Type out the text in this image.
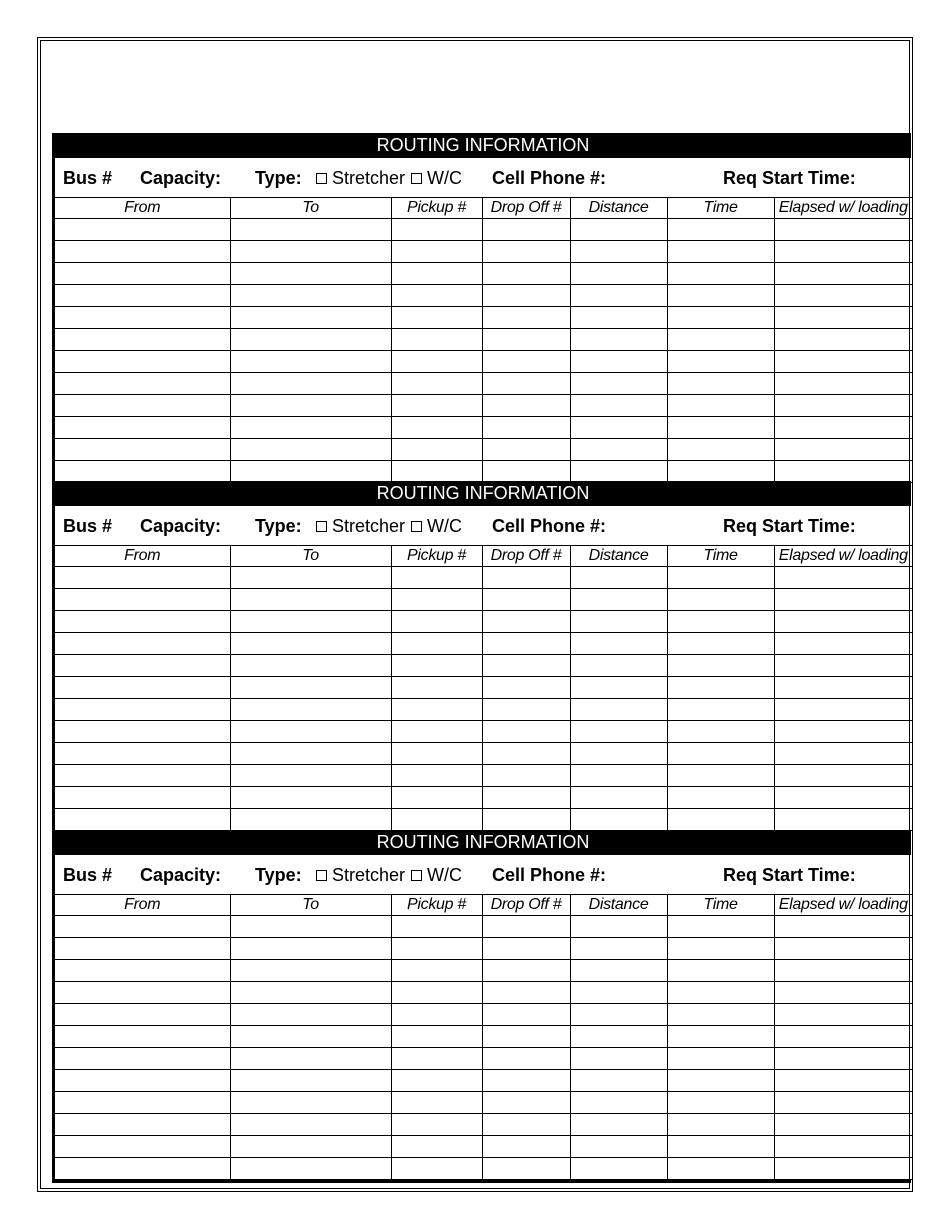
ROUTING INFORMATION
Bus # Capacity: Type:	Stretcher W/C Cell Phone #:	Req Start Time:
From	To	Pickup #	Drop Off #	Distance	Time	Elapsed w/ loading

ROUTING INFORMATION
Bus # Capacity: Type:	Stretcher W/C Cell Phone #:	Req Start Time:
From	To	Pickup #	Drop Off #	Distance	Time	Elapsed w/ loading

ROUTING INFORMATION
Bus # Capacity: Type:	Stretcher W/C Cell Phone #:	Req Start Time:
From	To	Pickup #	Drop Off #	Distance	Time	Elapsed w/ loading
